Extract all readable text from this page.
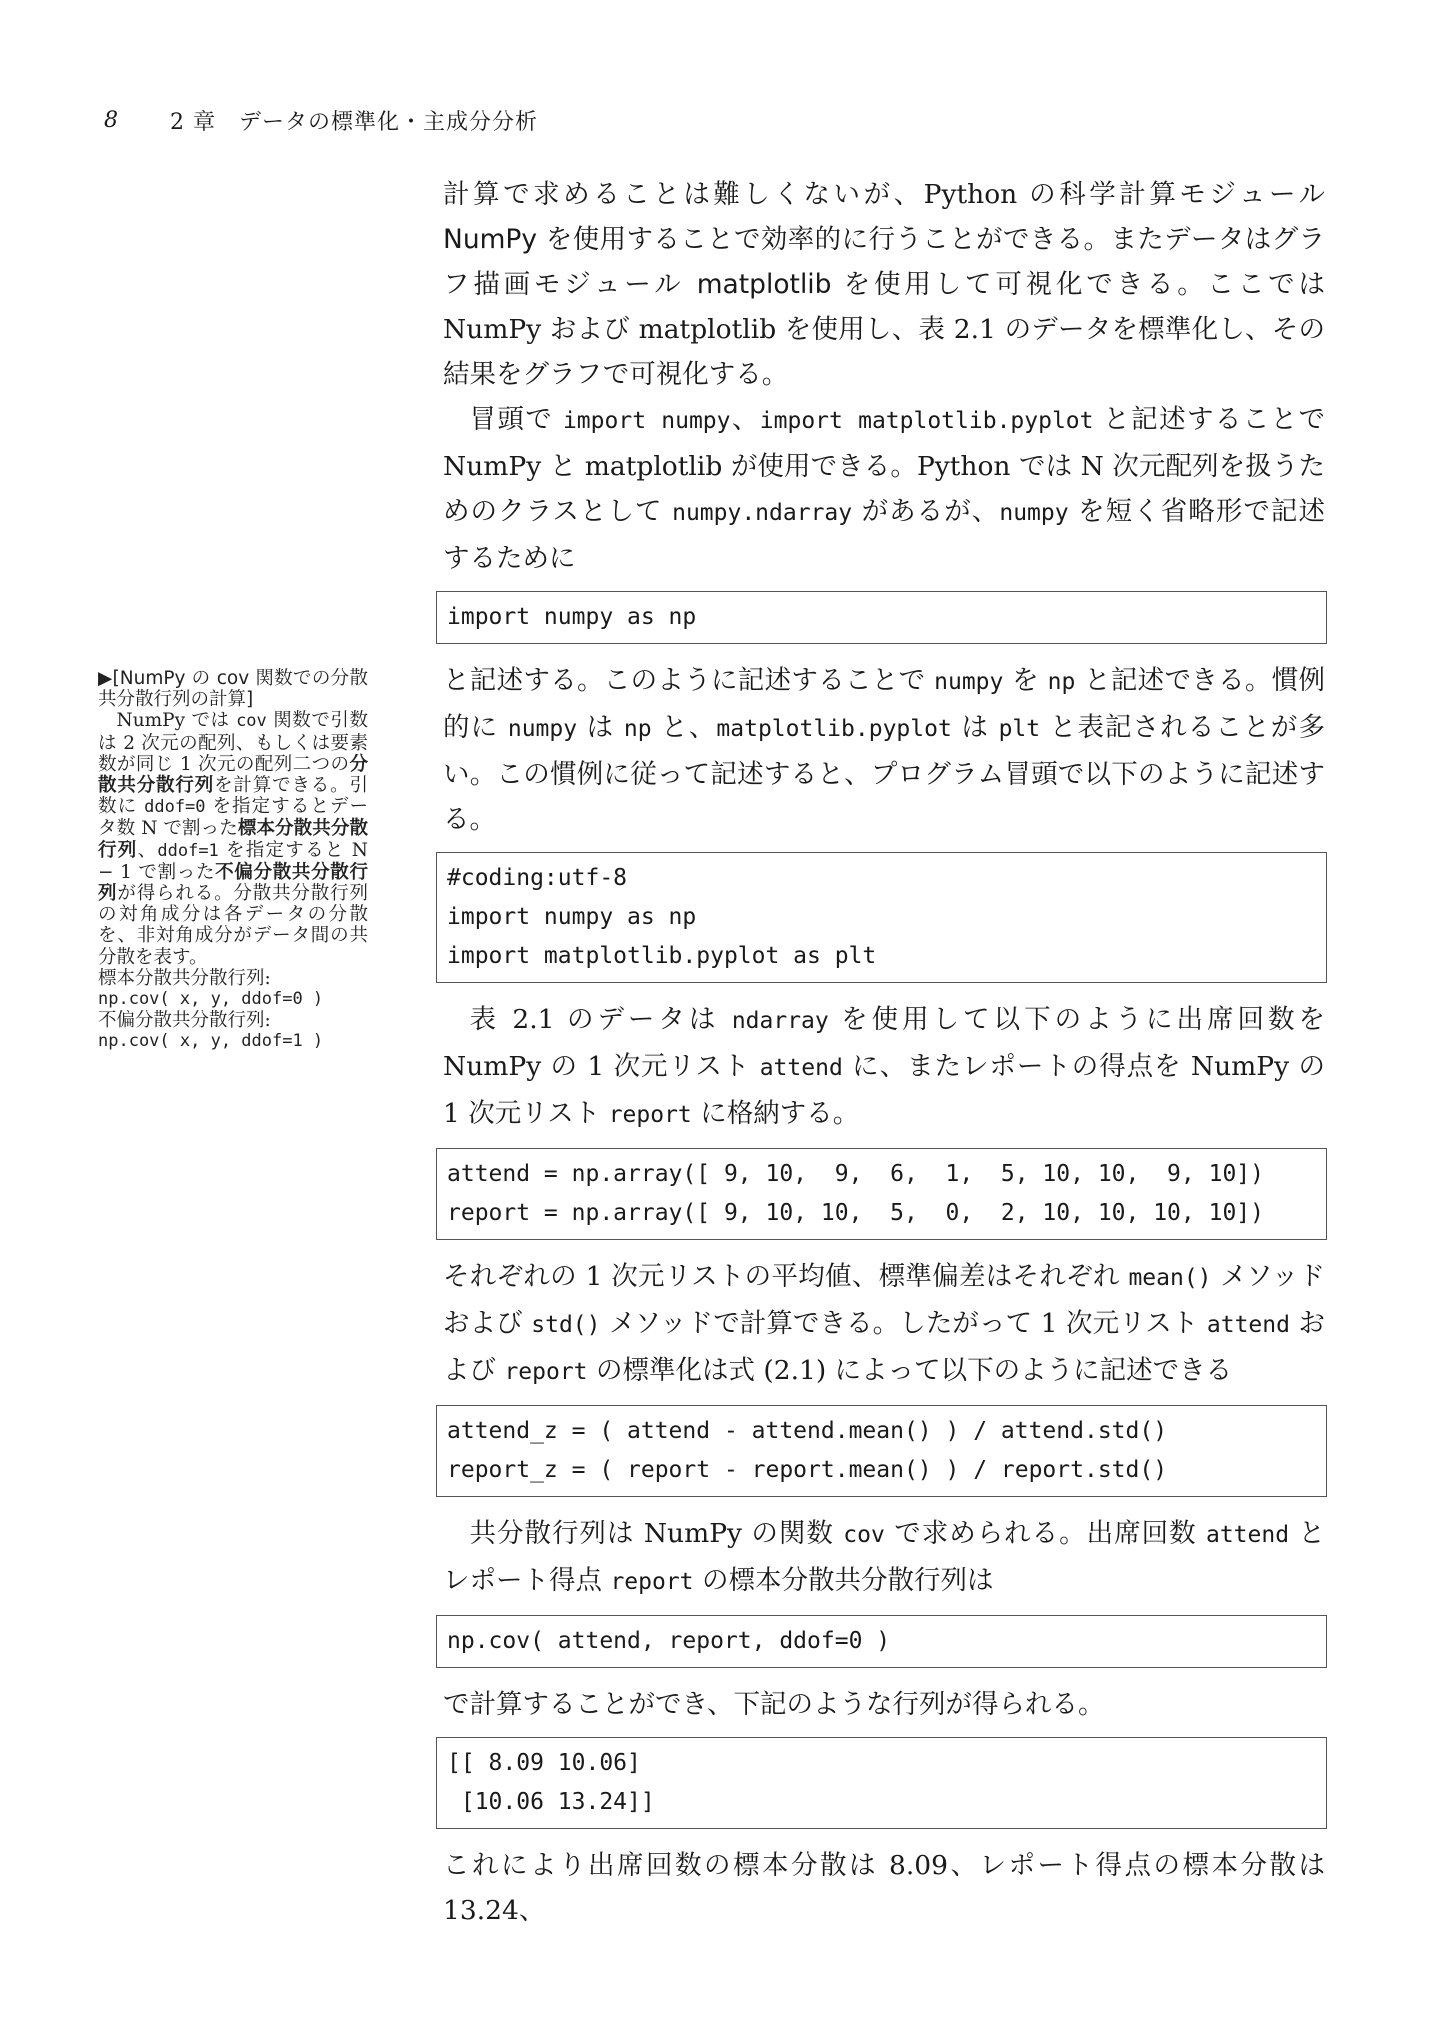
8	2 章　データの標準化・主成分分析

▶[NumPy の cov 関数での分散共分散行列の計算]

NumPy では cov 関数で引数は 2 次元の配列、もしくは要素数が同じ 1 次元の配列二つの分散共分散行列を計算できる。引数に ddof=0 を指定するとデータ数 N で割った標本分散共分散行列、ddof=1 を指定すると N − 1 で割った不偏分散共分散行列が得られる。分散共分散行列の対角成分は各データの分散を、非対角成分がデータ間の共分散を表す。

標本分散共分散行列:

np.cov( x, y, ddof=0 )

不偏分散共分散行列:

np.cov( x, y, ddof=1 )

計算で求めることは難しくないが、Python の科学計算モジュール NumPy を使用することで効率的に行うことができる。またデータはグラフ描画モジュール matplotlib を使用して可視化できる。ここでは NumPy および matplotlib を使用し、表 2.1 のデータを標準化し、その結果をグラフで可視化する。

冒頭で import numpy、import matplotlib.pyplot と記述することで NumPy と matplotlib が使用できる。Python では N 次元配列を扱うためのクラスとして numpy.ndarray があるが、numpy を短く省略形で記述するために

import numpy as np

と記述する。このように記述することで numpy を np と記述できる。慣例的に numpy は np と、matplotlib.pyplot は plt と表記されることが多い。この慣例に従って記述すると、プログラム冒頭で以下のように記述する。

#coding:utf-8
import numpy as np
import matplotlib.pyplot as plt

表 2.1 のデータは ndarray を使用して以下のように出席回数を NumPy の 1 次元リスト attend に、またレポートの得点を NumPy の 1 次元リスト report に格納する。

attend = np.array([ 9, 10,  9,  6,  1,  5, 10, 10,  9, 10])
report = np.array([ 9, 10, 10,  5,  0,  2, 10, 10, 10, 10])

それぞれの 1 次元リストの平均値、標準偏差はそれぞれ mean() メソッドおよび std() メソッドで計算できる。したがって 1 次元リスト attend および report の標準化は式 (2.1) によって以下のように記述できる

attend_z = ( attend - attend.mean() ) / attend.std()
report_z = ( report - report.mean() ) / report.std()

共分散行列は NumPy の関数 cov で求められる。出席回数 attend とレポート得点 report の標本分散共分散行列は

np.cov( attend, report, ddof=0 )

で計算することができ、下記のような行列が得られる。

[[ 8.09 10.06]
[10.06 13.24]]

これにより出席回数の標本分散は 8.09、レポート得点の標本分散は 13.24、
